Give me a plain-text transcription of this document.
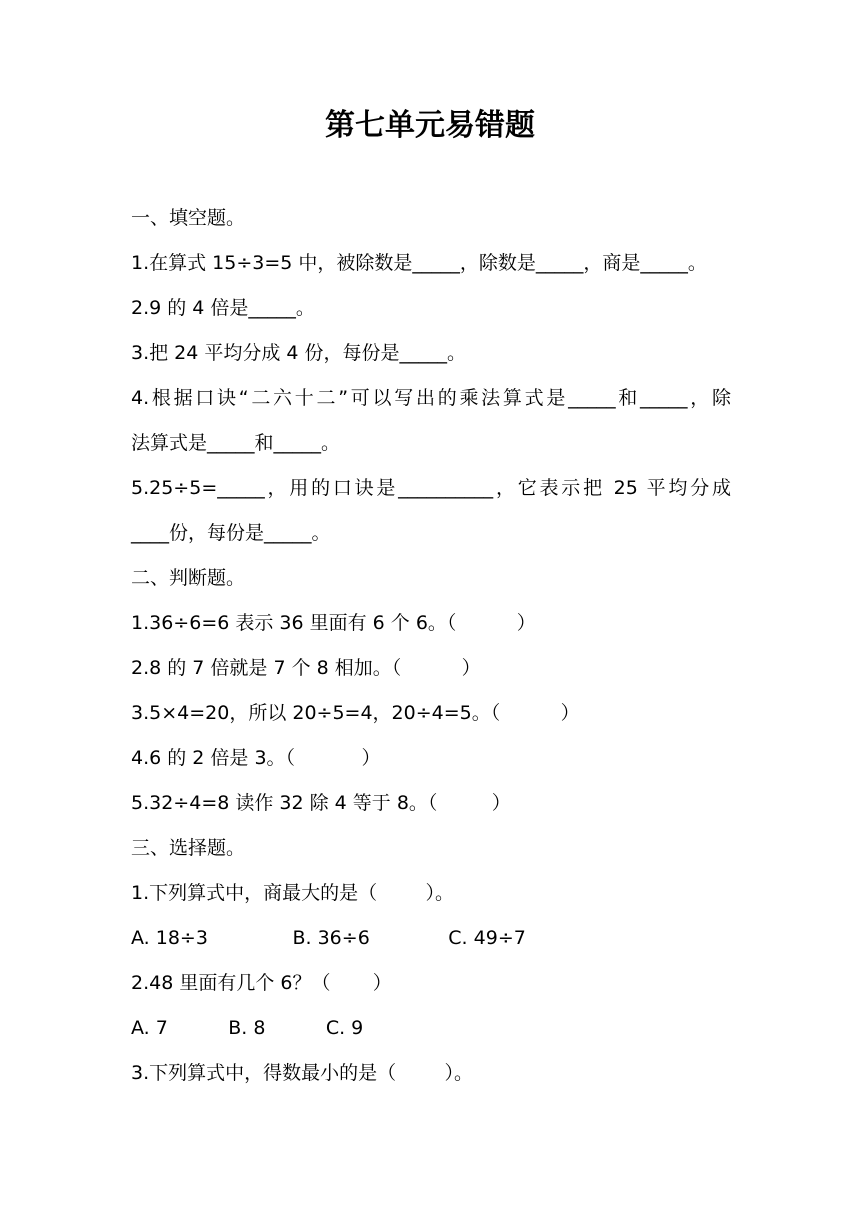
第七单元易错题

一、填空题。

1.在算式 15÷3=5 中，被除数是_____，除数是_____，商是_____。

2.9 的 4 倍是_____。

3.把 24 平均分成 4 份，每份是_____。

4.根据口诀“二六十二”可以写出的乘法算式是_____和_____，除

法算式是_____和_____。

5.25÷5=_____，用的口诀是__________，它表示把 25 平均分成

____份，每份是_____。

二、判断题。

1.36÷6=6 表示 36 里面有 6 个 6。（          ）

2.8 的 7 倍就是 7 个 8 相加。（          ）

3.5×4=20，所以 20÷5=4，20÷4=5。（          ）

4.6 的 2 倍是 3。（           ）

5.32÷4=8 读作 32 除 4 等于 8。（         ）

三、选择题。

1.下列算式中，商最大的是（        ）。

A. 18÷3              B. 36÷6             C. 49÷7

2.48 里面有几个 6？（       ）

A. 7          B. 8          C. 9

3.下列算式中，得数最小的是（        ）。
